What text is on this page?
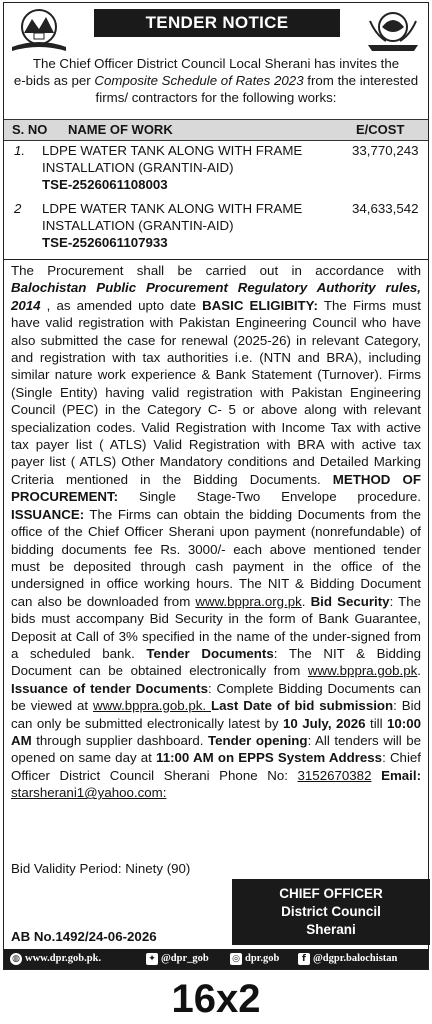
TENDER NOTICE

The Chief Officer District Council Local Sherani has invites the

e-bids as per Composite Schedule of Rates 2023 from the interested

firms/ contractors for the following works:

S. NO NAME OF WORK	E/COST
1. LDPE WATER TANK ALONG WITH FRAME
INSTALLATION (GRANTIN-AID)
TSE-2526061108003
33,770,243
2 LDPE WATER TANK ALONG WITH FRAME
INSTALLATION (GRANTIN-AID)
TSE-2526061107933
34,633,542

The Procurement shall be carried out in accordance with Balochistan Public Procurement Regulatory Authority rules, 2014 , as amended upto date BASIC ELIGIBITY: The Firms must have valid registration with Pakistan Engineering Council who have also submitted the case for renewal (2025-26) in relevant Category, and registration with tax authorities i.e. (NTN and BRA), including similar nature work experience & Bank Statement (Turnover). Firms (Single Entity) having valid registration with Pakistan Engineering Council (PEC) in the Category C- 5 or above along with relevant specialization codes. Valid Registration with Income Tax with active tax payer list ( ATLS) Valid Registration with BRA with active tax payer list ( ATLS) Other Mandatory conditions and Detailed Marking Criteria mentioned in the Bidding Documents. METHOD OF PROCUREMENT: Single Stage-Two Envelope procedure. ISSUANCE: The Firms can obtain the bidding Documents from the office of the Chief Officer Sherani upon payment (nonrefundable) of bidding documents fee Rs. 3000/- each above mentioned tender must be deposited through cash payment in the office of the undersigned in office working hours. The NIT & Bidding Document can also be downloaded from www.bppra.org.pk. Bid Security: The bids must accompany Bid Security in the form of Bank Guarantee, Deposit at Call of 3% specified in the name of the under-signed from a scheduled bank. Tender Documents: The NIT & Bidding Document can be obtained electronically from www.bppra.gob.pk. Issuance of tender Documents: Complete Bidding Documents can be viewed at www.bppra.gob.pk. Last Date of bid submission: Bid can only be submitted electronically latest by 10 July, 2026 till 10:00 AM through supplier dashboard. Tender opening: All tenders will be opened on same day at 11:00 AM on EPPS System Address: Chief Officer District Council Sherani Phone No: 3152670382 Email: starsherani1@yahoo.com:

Bid Validity Period: Ninety (90)
CHIEF OFFICER
District Council
Sherani
AB No.1492/24-06-2026
◍ www.dpr.gob.pk.	✦ @dpr_gob	◎ dpr.gob	f @dgpr.balochistan
16x2
